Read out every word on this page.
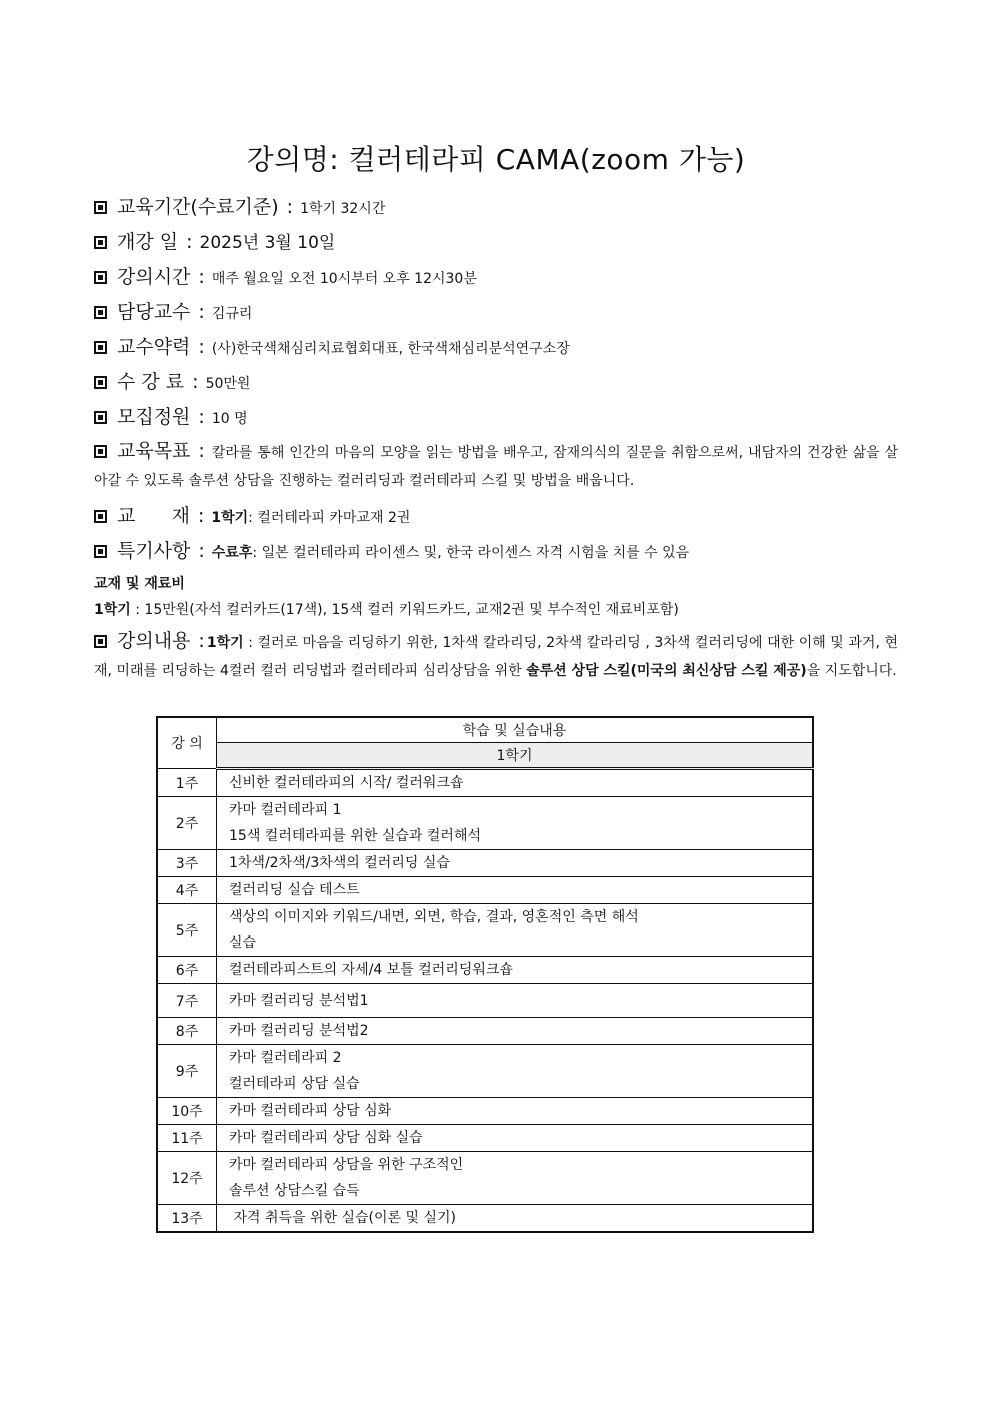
강의명: 컬러테라피 CAMA(zoom 가능)
교육기간(수료기준) : 1학기 32시간
개강 일 : 2025년 3월 10일
강의시간 : 매주 월요일 오전 10시부터 오후 12시30분
담당교수 : 김규리
교수약력 : (사)한국색채심리치료협회대표, 한국색채심리분석연구소장
수 강 료 : 50만원
모집정원 : 10 명
교육목표 : 칼라를 통해 인간의 마음의 모양을 읽는 방법을 배우고, 잠재의식의 질문을 취함으로써, 내담자의 건강한 삶을 살아갈 수 있도록 솔루션 상담을 진행하는 컬러리딩과 컬러테라피 스킬 및 방법을 배웁니다.
교      재 : 1학기 : 컬러테라피 카마교재 2권
특기사항 : 수료후 : 일본 컬러테라피 라이센스 및, 한국 라이센스 자격 시험을 치를 수 있음
교재 및 재료비
1학기 : 15만원(자석 컬러카드(17색), 15색 컬러 키워드카드, 교재2권 및 부수적인 재료비포함)
강의내용 : 1학기 : 컬러로 마음을 리딩하기 위한, 1차색 칼라리딩, 2차색 칼라리딩 , 3차색 컬러리딩에 대한 이해 및 과거, 현재, 미래를 리딩하는 4컬러 컬러 리딩법과 컬러테라피 심리상담을 위한 솔루션 상담 스킬(미국의 최신상담 스킬 제공)을 지도합니다.
강 의	학습 및 실습내용
	1학기
1주	신비한 컬러테라피의 시작/ 컬러워크숍

2주	카마 컬러테라피 1
15색 컬러테라피를 위한 실습과 컬러해석

3주	1차색/2차색/3차색의 컬러리딩 실습

4주	컬러리딩 실습 테스트

5주	색상의 이미지와 키워드/내면, 외면, 학습, 결과, 영혼적인 측면 해석
실습

6주	컬러테라피스트의 자세/4 보틀 컬러리딩워크숍

7주	카마 컬러리딩 분석법1

8주	카마 컬러리딩 분석법2

9주	카마 컬러테라피 2
컬러테라피 상담 실습

10주	카마 컬러테라피 상담 심화

11주	카마 컬러테라피 상담 심화 실습

12주	카마 컬러테라피 상담을 위한 구조적인
솔루션 상담스킬 습득

13주	자격 취득을 위한 실습(이론 및 실기)
